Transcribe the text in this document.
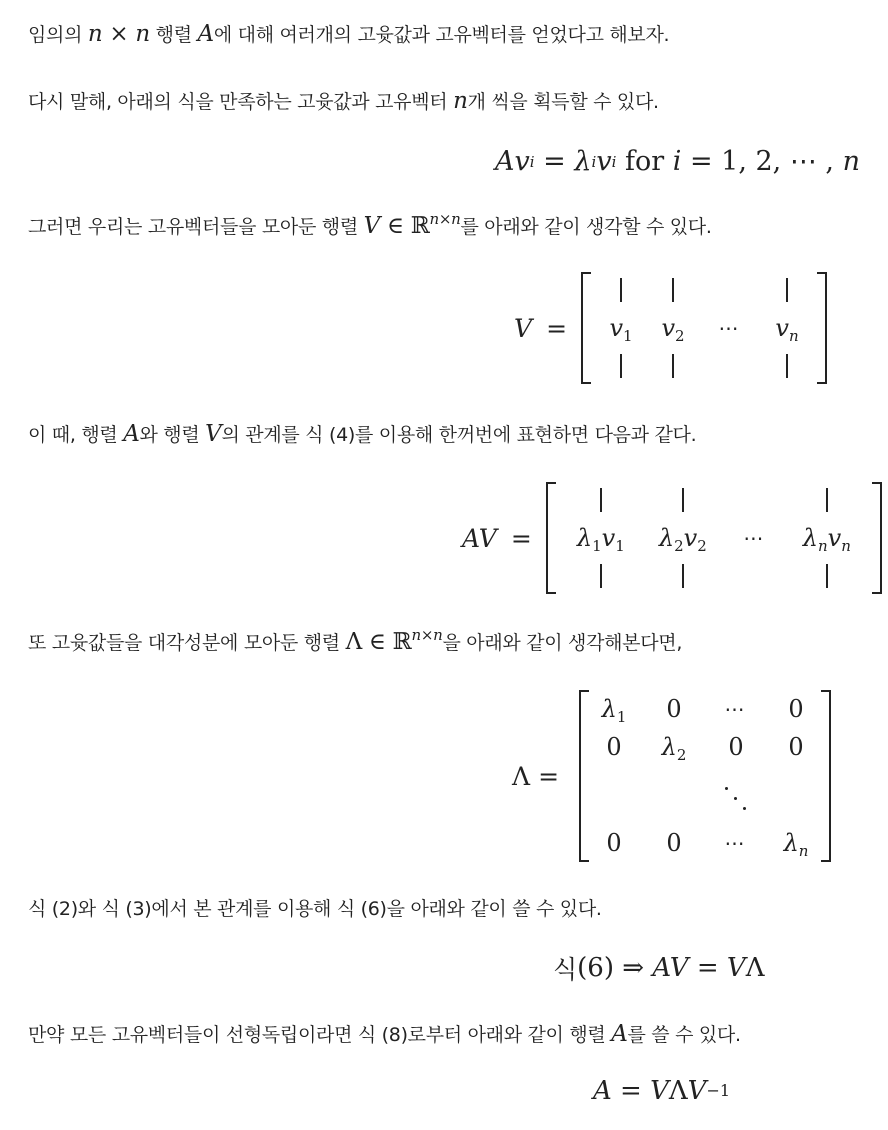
임의의 n × n 행렬 A에 대해 여러개의 고윳값과 고유벡터를 얻었다고 해보자.
다시 말해, 아래의 식을 만족하는 고윳값과 고유벡터 n개 씩을 획득할 수 있다.
A v i = λ i v i for i = 1, 2, ⋯ , n
그러면 우리는 고유벡터들을 모아둔 행렬 V ∈ ℝ$^{n\times n}$를 아래와 같이 생각할 수 있다.
$V = v_1$ $v_2$ ⋯ $v_n$
이 때, 행렬 A와 행렬 V의 관계를 식 (4)를 이용해 한꺼번에 표현하면 다음과 같다.
AV = $\lambda_1v_1$ $\lambda_2v_2$ ⋯ $\lambda_nv_n$
또 고윳값들을 대각성분에 모아둔 행렬 Λ ∈ ℝ$^{n\times n}$을 아래와 같이 생각해본다면,
Λ =
$\lambda_1$ 0 ⋯ 0
0 $\lambda_2$ 0 0
0 0 ⋯ $\lambda_n$
식 (2)와 식 (3)에서 본 관계를 이용해 식 (6)을 아래와 같이 쓸 수 있다.
식 (6) ⇒ AV = V Λ
만약 모든 고유벡터들이 선형독립이라면 식 (8)로부터 아래와 같이 행렬 A를 쓸 수 있다.
A = V Λ V −1
